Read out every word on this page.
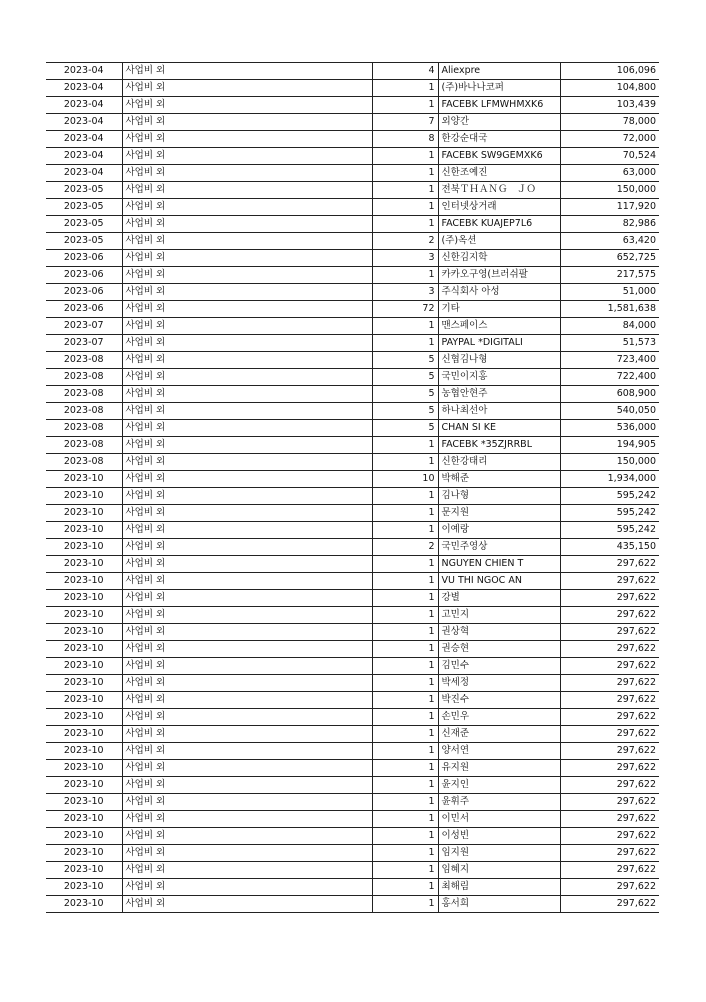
2023-04	사업비 외	4	Aliexpre	106,096
2023-04	사업비 외	1	(주)바나나코퍼	104,800
2023-04	사업비 외	1	FACEBK LFMWHMXK6	103,439
2023-04	사업비 외	7	외양간	78,000
2023-04	사업비 외	8	한강순대국	72,000
2023-04	사업비 외	1	FACEBK SW9GEMXK6	70,524
2023-04	사업비 외	1	신한조예진	63,000
2023-05	사업비 외	1	전북ＴＨＡＮＧ　ＪＯ	150,000
2023-05	사업비 외	1	인터넷상거래	117,920
2023-05	사업비 외	1	FACEBK KUAJEP7L6	82,986
2023-05	사업비 외	2	(주)옥션	63,420
2023-06	사업비 외	3	신한김지학	652,725
2023-06	사업비 외	1	카카오구영(브러쉬팔	217,575
2023-06	사업비 외	3	주식회사 아성	51,000
2023-06	사업비 외	72	기타	1,581,638
2023-07	사업비 외	1	맨스페이스	84,000
2023-07	사업비 외	1	PAYPAL *DIGITALI	51,573
2023-08	사업비 외	5	신협김나형	723,400
2023-08	사업비 외	5	국민이지홍	722,400
2023-08	사업비 외	5	농협안현주	608,900
2023-08	사업비 외	5	하나최선아	540,050
2023-08	사업비 외	5	CHAN SI KE	536,000
2023-08	사업비 외	1	FACEBK *35ZJRRBL	194,905
2023-08	사업비 외	1	신한강태리	150,000
2023-10	사업비 외	10	박해준	1,934,000
2023-10	사업비 외	1	김나형	595,242
2023-10	사업비 외	1	문지원	595,242
2023-10	사업비 외	1	이예랑	595,242
2023-10	사업비 외	2	국민주영상	435,150
2023-10	사업비 외	1	NGUYEN CHIEN T	297,622
2023-10	사업비 외	1	VU THI NGOC AN	297,622
2023-10	사업비 외	1	강별	297,622
2023-10	사업비 외	1	고민지	297,622
2023-10	사업비 외	1	권상혁	297,622
2023-10	사업비 외	1	권승현	297,622
2023-10	사업비 외	1	김민수	297,622
2023-10	사업비 외	1	박세정	297,622
2023-10	사업비 외	1	박진수	297,622
2023-10	사업비 외	1	손민우	297,622
2023-10	사업비 외	1	신재준	297,622
2023-10	사업비 외	1	양서연	297,622
2023-10	사업비 외	1	유지원	297,622
2023-10	사업비 외	1	윤지인	297,622
2023-10	사업비 외	1	윤휘주	297,622
2023-10	사업비 외	1	이민서	297,622
2023-10	사업비 외	1	이성빈	297,622
2023-10	사업비 외	1	임지원	297,622
2023-10	사업비 외	1	임혜지	297,622
2023-10	사업비 외	1	최해림	297,622
2023-10	사업비 외	1	홍서희	297,622
